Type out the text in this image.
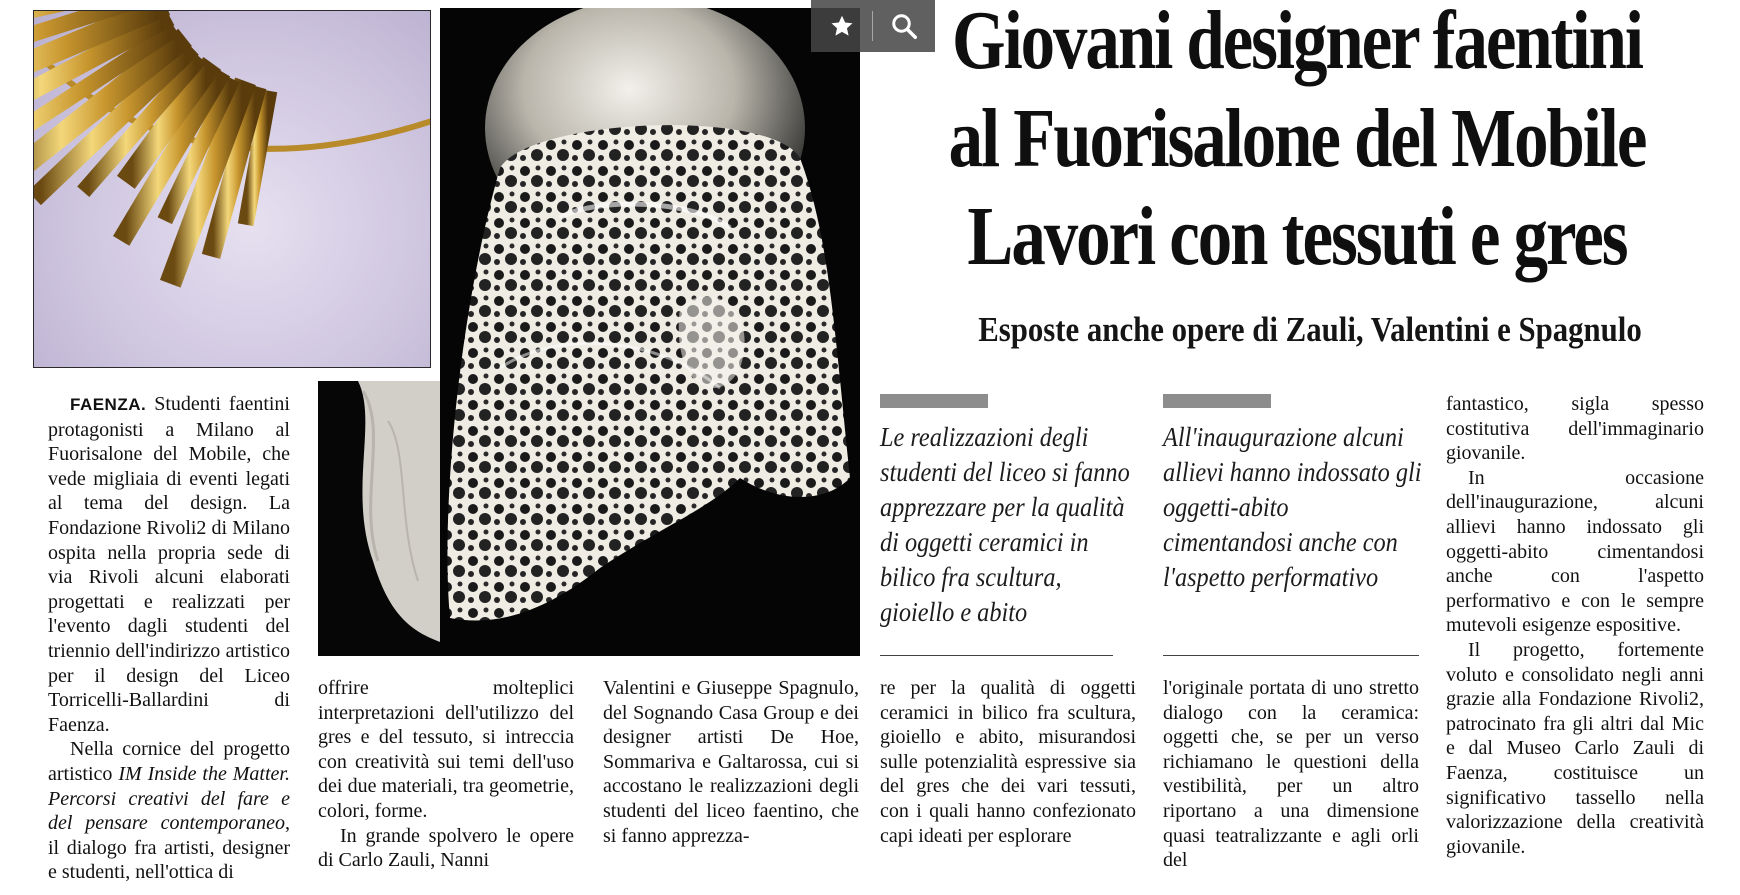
Giovani designer faentini
al Fuorisalone del Mobile
Lavori con tessuti e gres
Esposte anche opere di Zauli, Valentini e Spagnulo

Le realizzazioni degli studenti del liceo si fanno apprezzare per la qualità di oggetti ceramici in bilico fra scultura, gioiello e abito

All'inaugurazione alcuni allievi hanno indossato gli oggetti-abito cimentandosi anche con l'aspetto performativo

FAENZA. Studenti faentini protagonisti a Milano al Fuorisalone del Mobile, che vede migliaia di eventi legati al tema del design. La Fondazione Rivoli2 di Milano ospita nella propria sede di via Rivoli alcuni elaborati progettati e realizzati per l'evento dagli studenti del triennio dell'indirizzo artistico per il design del Liceo Torricelli-Ballardini di Faenza.

Nella cornice del progetto artistico IM Inside the Matter. Percorsi creativi del fare e del pensare contemporaneo, il dialogo fra artisti, designer e studenti, nell'ottica di

offrire molteplici interpretazioni dell'utilizzo del gres e del tessuto, si intreccia con creatività sui temi dell'uso dei due materiali, tra geometrie, colori, forme.

In grande spolvero le opere di Carlo Zauli, Nanni

Valentini e Giuseppe Spagnulo, del Sognando Casa Group e dei designer artisti De Hoe, Sommariva e Galtarossa, cui si accostano le realizzazioni degli studenti del liceo faentino, che si fanno apprezza-

re per la qualità di oggetti ceramici in bilico fra scultura, gioiello e abito, misurandosi sulle potenzialità espressive sia del gres che dei vari tessuti, con i quali hanno confezionato capi ideati per esplorare

l'originale portata di uno stretto dialogo con la ceramica: oggetti che, se per un verso richiamano le questioni della vestibilità, per un altro riportano a una dimensione quasi teatralizzante e agli orli del

fantastico, sigla spesso costitutiva dell'immaginario giovanile.

In occasione dell'inaugurazione, alcuni allievi hanno indossato gli oggetti-abito cimentandosi anche con l'aspetto performativo e con le sempre mutevoli esigenze espositive.

Il progetto, fortemente voluto e consolidato negli anni grazie alla Fondazione Rivoli2, patrocinato fra gli altri dal Mic e dal Museo Carlo Zauli di Faenza, costituisce un significativo tassello nella valorizzazione della creatività giovanile.
